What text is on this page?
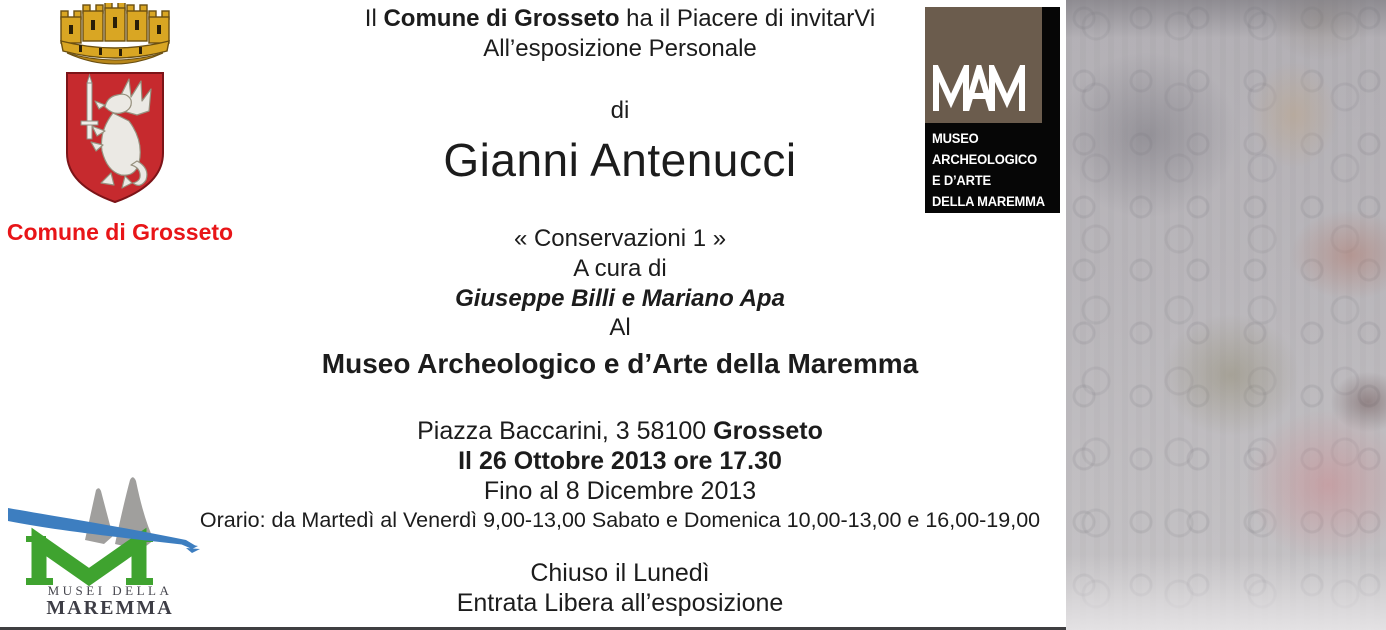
Comune di Grosseto
MUSEO
ARCHEOLOGICO
E D’ARTE
DELLA MAREMMA
Il Comune di Grosseto ha il Piacere di invitarVi
All’esposizione Personale
di
Gianni Antenucci
« Conservazioni 1 »
A cura di
Giuseppe Billi e Mariano Apa
Al
Museo Archeologico e d’Arte della Maremma
Piazza Baccarini, 3 58100 Grosseto
Il 26 Ottobre 2013 ore 17.30
Fino al 8 Dicembre 2013
Orario: da Martedì al Venerdì 9,00-13,00 Sabato e Domenica 10,00-13,00 e 16,00-19,00
Chiuso il Lunedì
Entrata Libera all’esposizione
MUSEI DELLA
MAREMMA
